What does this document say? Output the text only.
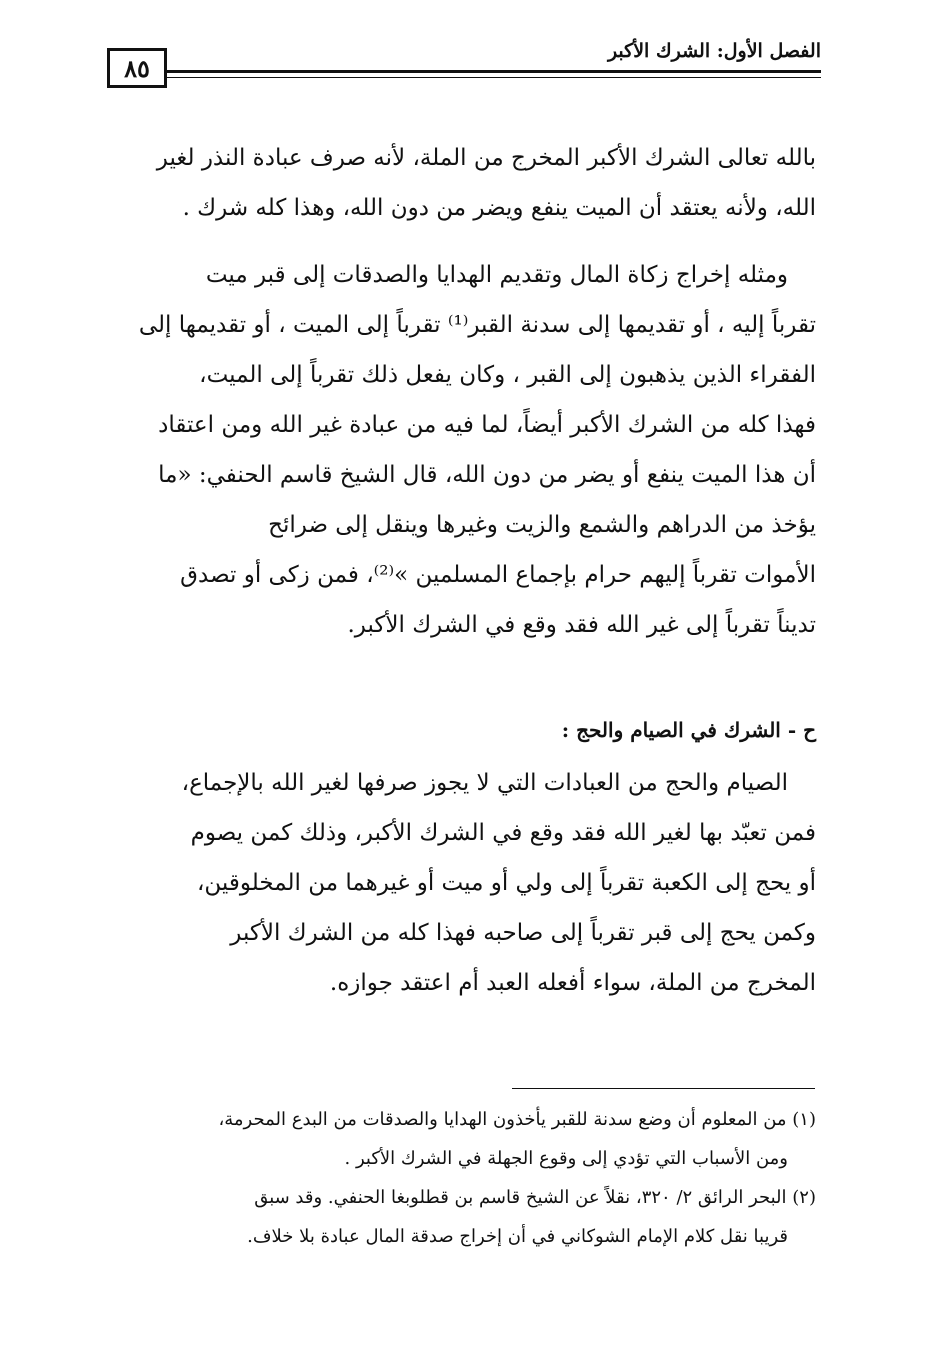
٨٥
الفصل الأول: الشرك الأكبر
بالله تعالى الشرك الأكبر المخرج من الملة، لأنه صرف عبادة النذر لغير
الله، ولأنه يعتقد أن الميت ينفع ويضر من دون الله، وهذا كله شرك .
ومثله إخراج زكاة المال وتقديم الهدايا والصدقات إلى قبر ميت
تقرباً إليه ، أو تقديمها إلى سدنة القبر⁽¹⁾ تقرباً إلى الميت ، أو تقديمها إلى
الفقراء الذين يذهبون إلى القبر ، وكان يفعل ذلك تقرباً إلى الميت،
فهذا كله من الشرك الأكبر أيضاً، لما فيه من عبادة غير الله ومن اعتقاد
أن هذا الميت ينفع أو يضر من دون الله، قال الشيخ قاسم الحنفي: «ما
يؤخذ من الدراهم والشمع والزيت وغيرها وينقل إلى ضرائح
الأموات تقرباً إليهم حرام بإجماع المسلمين »⁽²⁾، فمن زكى أو تصدق
تديناً تقرباً إلى غير الله فقد وقع في الشرك الأكبر.
ح - الشرك في الصيام والحج :
الصيام والحج من العبادات التي لا يجوز صرفها لغير الله بالإجماع،
فمن تعبّد بها لغير الله فقد وقع في الشرك الأكبر، وذلك كمن يصوم
أو يحج إلى الكعبة تقرباً إلى ولي أو ميت أو غيرهما من المخلوقين،
وكمن يحج إلى قبر تقرباً إلى صاحبه فهذا كله من الشرك الأكبر
المخرج من الملة، سواء أفعله العبد أم اعتقد جوازه.
(١) من المعلوم أن وضع سدنة للقبر يأخذون الهدايا والصدقات من البدع المحرمة،
ومن الأسباب التي تؤدي إلى وقوع الجهلة في الشرك الأكبر .
(٢) البحر الرائق ٢/ ٣٢٠، نقلاً عن الشيخ قاسم بن قطلوبغا الحنفي. وقد سبق
قريبا نقل كلام الإمام الشوكاني في أن إخراج صدقة المال عبادة بلا خلاف.
